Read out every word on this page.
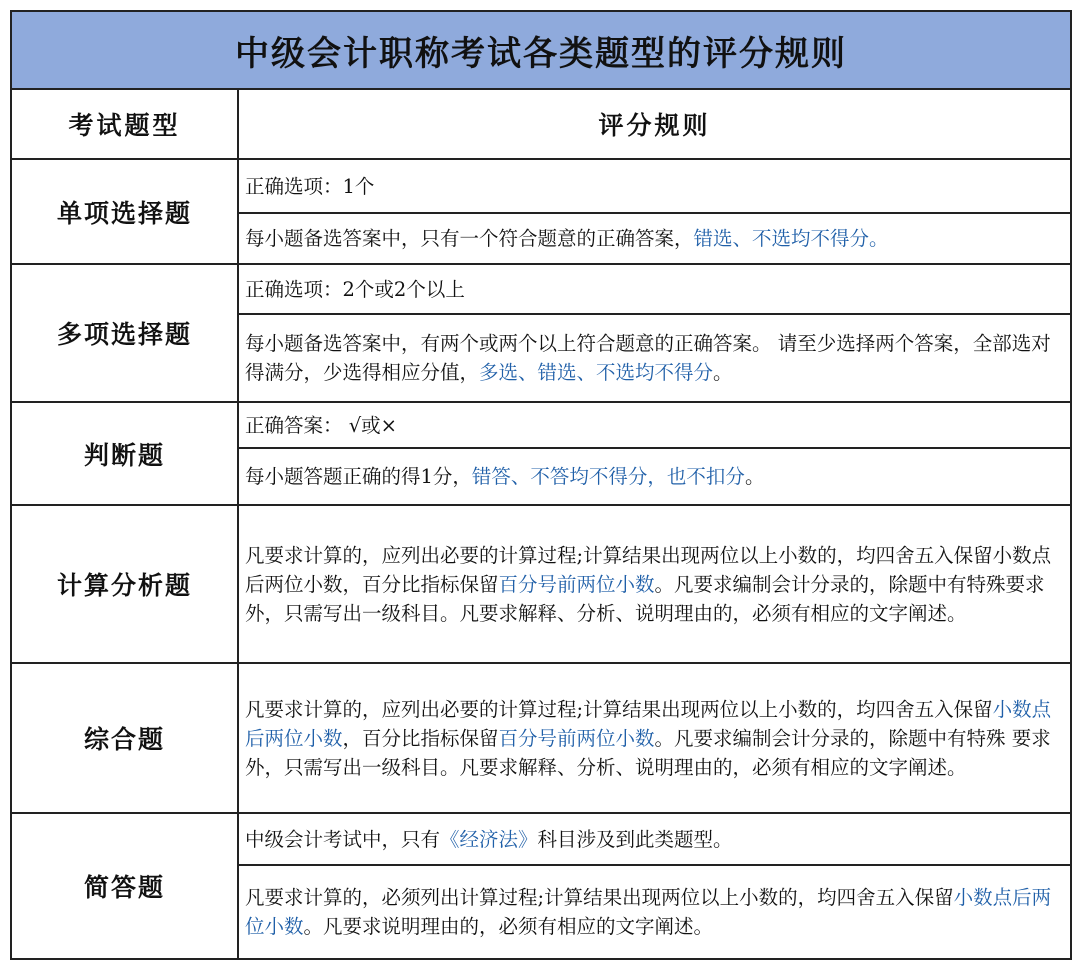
中级会计职称考试各类题型的评分规则	
考试题型	评分规则
单项选择题	正确选项：1个
	每小题备选答案中，只有一个符合题意的正确答案，错选、不选均不得分。
多项选择题	正确选项：2个或2个以上
	每小题备选答案中，有两个或两个以上符合题意的正确答案。 请至少选择两个答案，全部选对得满分，少选得相应分值，多选、错选、不选均不得分。
判断题	正确答案： √或×
	每小题答题正确的得1分，错答、不答均不得分，也不扣分。
计算分析题	凡要求计算的，应列出必要的计算过程;计算结果出现两位以上小数的，均四舍五入保留小数点后两位小数，百分比指标保留百分号前两位小数。凡要求编制会计分录的，除题中有特殊要求外，只需写出一级科目。凡要求解释、分析、说明理由的，必须有相应的文字阐述。
综合题	凡要求计算的，应列出必要的计算过程;计算结果出现两位以上小数的，均四舍五入保留小数点后两位小数，百分比指标保留百分号前两位小数。凡要求编制会计分录的，除题中有特殊 要求外，只需写出一级科目。凡要求解释、分析、说明理由的，必须有相应的文字阐述。
简答题	中级会计考试中，只有《经济法》科目涉及到此类题型。
	凡要求计算的，必须列出计算过程;计算结果出现两位以上小数的，均四舍五入保留小数点后两位小数。凡要求说明理由的，必须有相应的文字阐述。
